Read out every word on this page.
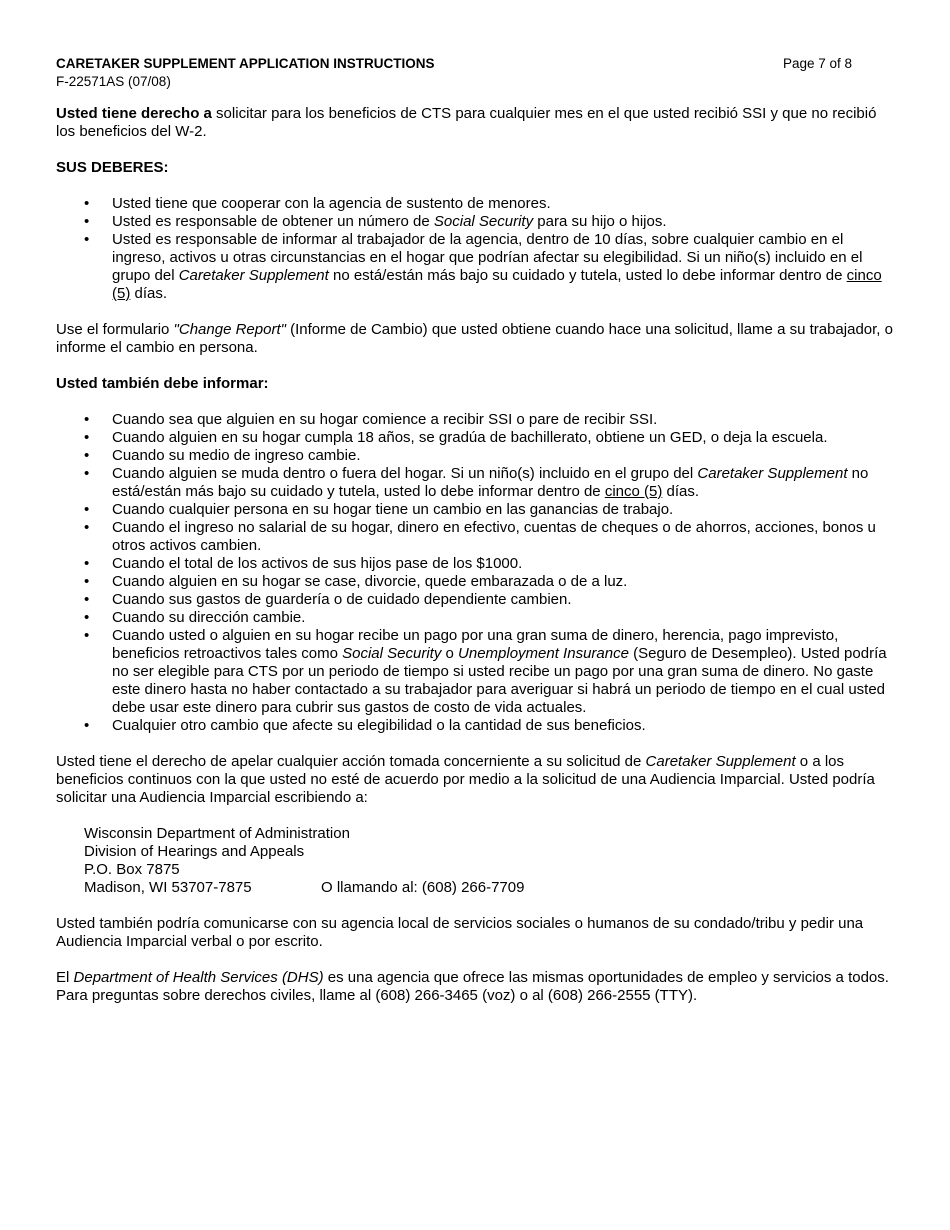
CARETAKER SUPPLEMENT APPLICATION INSTRUCTIONS	Page 7 of 8
F-22571AS (07/08)

Usted tiene derecho a solicitar para los beneficios de CTS para cualquier mes en el que usted recibió SSI y que no recibió los beneficios del W-2.

SUS DEBERES:
• Usted tiene que cooperar con la agencia de sustento de menores.
• Usted es responsable de obtener un número de Social Security para su hijo o hijos.
• Usted es responsable de informar al trabajador de la agencia, dentro de 10 días, sobre cualquier cambio en el ingreso, activos u otras circunstancias en el hogar que podrían afectar su elegibilidad. Si un niño(s) incluido en el grupo del Caretaker Supplement no está/están más bajo su cuidado y tutela, usted lo debe informar dentro de cinco (5) días.

Use el formulario "Change Report" (Informe de Cambio) que usted obtiene cuando hace una solicitud, llame a su trabajador, o informe el cambio en persona.

Usted también debe informar:
• Cuando sea que alguien en su hogar comience a recibir SSI o pare de recibir SSI.
• Cuando alguien en su hogar cumpla 18 años, se gradúa de bachillerato, obtiene un GED, o deja la escuela.
• Cuando su medio de ingreso cambie.
• Cuando alguien se muda dentro o fuera del hogar. Si un niño(s) incluido en el grupo del Caretaker Supplement no está/están más bajo su cuidado y tutela, usted lo debe informar dentro de cinco (5) días.
• Cuando cualquier persona en su hogar tiene un cambio en las ganancias de trabajo.
• Cuando el ingreso no salarial de su hogar, dinero en efectivo, cuentas de cheques o de ahorros, acciones, bonos u otros activos cambien.
• Cuando el total de los activos de sus hijos pase de los $1000.
• Cuando alguien en su hogar se case, divorcie, quede embarazada o de a luz.
• Cuando sus gastos de guardería o de cuidado dependiente cambien.
• Cuando su dirección cambie.
• Cuando usted o alguien en su hogar recibe un pago por una gran suma de dinero, herencia, pago imprevisto, beneficios retroactivos tales como Social Security o Unemployment Insurance (Seguro de Desempleo). Usted podría no ser elegible para CTS por un periodo de tiempo si usted recibe un pago por una gran suma de dinero. No gaste este dinero hasta no haber contactado a su trabajador para averiguar si habrá un periodo de tiempo en el cual usted debe usar este dinero para cubrir sus gastos de costo de vida actuales.
• Cualquier otro cambio que afecte su elegibilidad o la cantidad de sus beneficios.

Usted tiene el derecho de apelar cualquier acción tomada concerniente a su solicitud de Caretaker Supplement o a los beneficios continuos con la que usted no esté de acuerdo por medio a la solicitud de una Audiencia Imparcial. Usted podría solicitar una Audiencia Imparcial escribiendo a:

Wisconsin Department of Administration
Division of Hearings and Appeals
P.O. Box 7875
Madison, WI 53707-7875	O llamando al: (608) 266-7709

Usted también podría comunicarse con su agencia local de servicios sociales o humanos de su condado/tribu y pedir una Audiencia Imparcial verbal o por escrito.

El Department of Health Services (DHS) es una agencia que ofrece las mismas oportunidades de empleo y servicios a todos. Para preguntas sobre derechos civiles, llame al (608) 266-3465 (voz) o al (608) 266-2555 (TTY).
